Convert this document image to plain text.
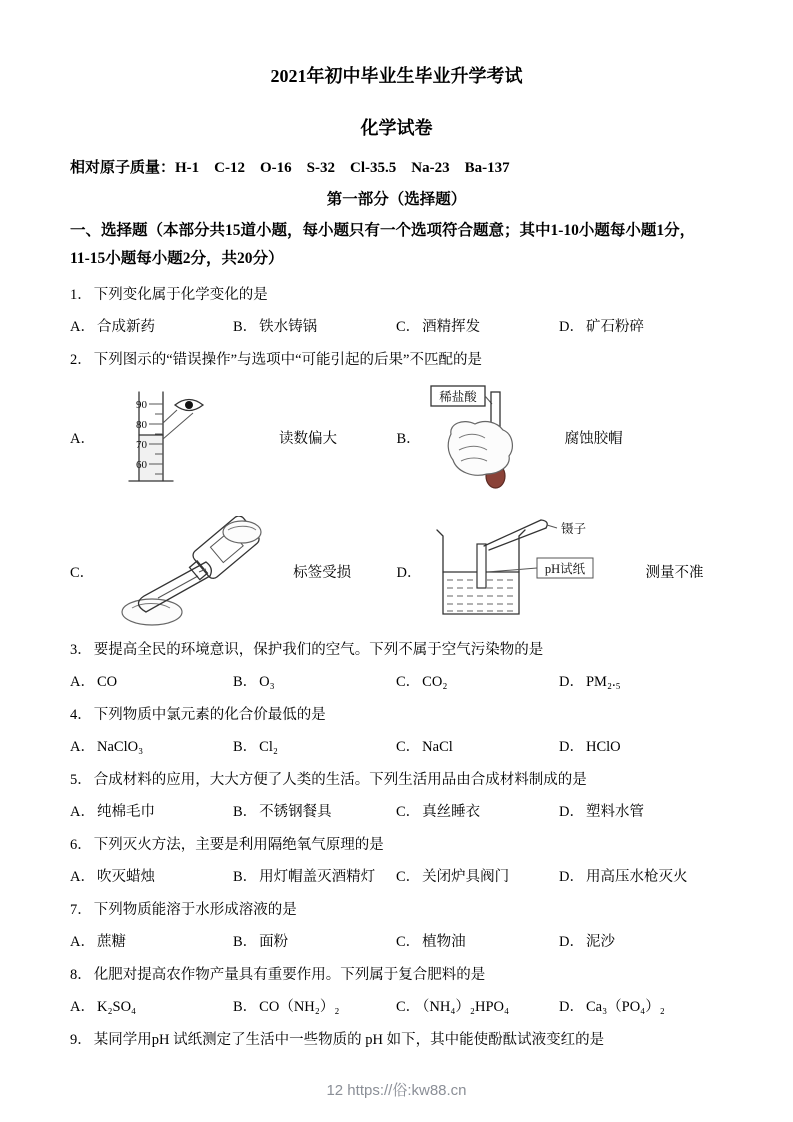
2021年初中毕业生毕业升学考试
化学试卷
相对原子质量：H-1    C-12    O-16    S-32    Cl-35.5    Na-23    Ba-137
第一部分（选择题）
一、选择题（本部分共15道小题，每小题只有一个选项符合题意；其中1-10小题每小题1分，
11-15小题每小题2分，共20分）
1． 下列变化属于化学变化的是
A． 合成新药	B． 铁水铸锅	C． 酒精挥发	D． 矿石粉碎
2． 下列图示的“错误操作”与选项中“可能引起的后果”不匹配的是
A．
90
80
70
60
读数偏大	B．
稀盐酸
腐蚀胶帽
C．	标签受损	D．
镊子
pH试纸	测量不准
3． 要提高全民的环境意识，保护我们的空气。下列不属于空气污染物的是
A． CO	B． O₃	C． CO₂	D． PM₂.₅
4． 下列物质中氯元素的化合价最低的是
A． NaClO₃	B． Cl₂	C． NaCl	D． HClO
5． 合成材料的应用，大大方便了人类的生活。下列生活用品由合成材料制成的是
A． 纯棉毛巾	B． 不锈钢餐具	C． 真丝睡衣	D． 塑料水管
6． 下列灭火方法，主要是利用隔绝氧气原理的是
A． 吹灭蜡烛	B． 用灯帽盖灭酒精灯	C． 关闭炉具阀门	D． 用高压水枪灭火
7． 下列物质能溶于水形成溶液的是
A． 蔗糖	B． 面粉	C． 植物油	D． 泥沙
8． 化肥对提高农作物产量具有重要作用。下列属于复合肥料的是
A． K₂SO₄	B． CO（NH₂）₂	C． （NH₄）₂HPO₄	D． Ca₃（PO₄）₂
9． 某同学用pH 试纸测定了生活中一些物质的 pH 如下，其中能使酚酞试液变红的是
12 https://俗:kw88.cn
